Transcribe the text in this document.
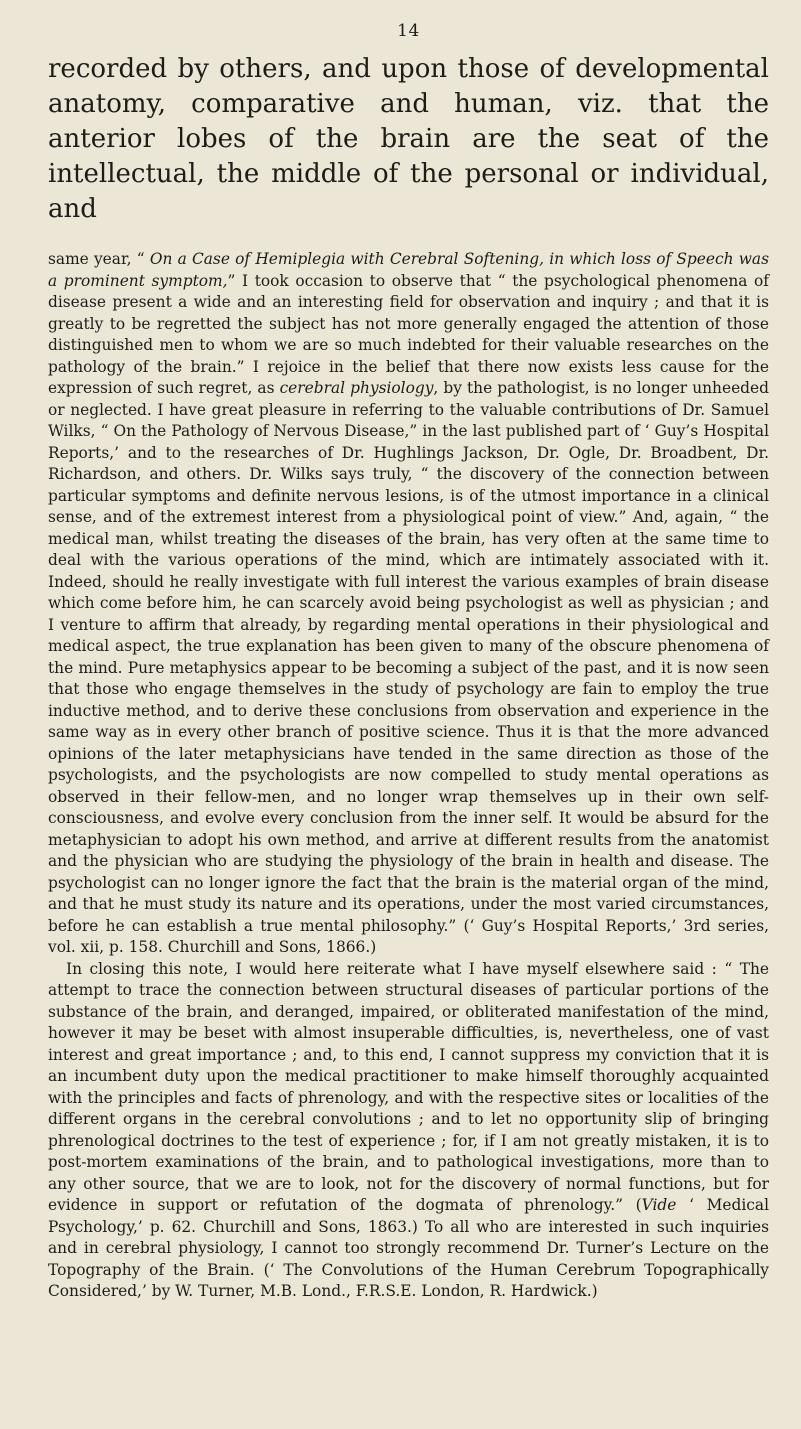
14

recorded by others, and upon those of developmental anatomy, comparative and human, viz. that the anterior lobes of the brain are the seat of the intellectual, the middle of the personal or individual, and

same year, “ On a Case of Hemiplegia with Cerebral Softening, in which loss of Speech was a prominent symptom,” I took occasion to observe that “ the psychological phenomena of disease present a wide and an interesting field for observation and inquiry ; and that it is greatly to be regretted the subject has not more generally engaged the attention of those distinguished men to whom we are so much indebted for their valuable researches on the pathology of the brain.” I rejoice in the belief that there now exists less cause for the expression of such regret, as cerebral physiology, by the pathologist, is no longer unheeded or neglected. I have great pleasure in referring to the valuable contributions of Dr. Samuel Wilks, “ On the Pathology of Nervous Disease,” in the last published part of ‘ Guy’s Hospital Reports,’ and to the researches of Dr. Hughlings Jackson, Dr. Ogle, Dr. Broadbent, Dr. Richardson, and others. Dr. Wilks says truly, “ the discovery of the connection between particular symptoms and definite nervous lesions, is of the utmost importance in a clinical sense, and of the extremest interest from a physiological point of view.” And, again, “ the medical man, whilst treating the diseases of the brain, has very often at the same time to deal with the various operations of the mind, which are intimately associated with it. Indeed, should he really investigate with full interest the various examples of brain disease which come before him, he can scarcely avoid being psychologist as well as physician ; and I venture to affirm that already, by regarding mental operations in their physiological and medical aspect, the true explanation has been given to many of the obscure phenomena of the mind. Pure metaphysics appear to be becoming a subject of the past, and it is now seen that those who engage themselves in the study of psychology are fain to employ the true inductive method, and to derive these conclusions from observation and experience in the same way as in every other branch of positive science. Thus it is that the more advanced opinions of the later metaphysicians have tended in the same direction as those of the psychologists, and the psychologists are now compelled to study mental operations as observed in their fellow-men, and no longer wrap themselves up in their own self-consciousness, and evolve every conclusion from the inner self. It would be absurd for the metaphysician to adopt his own method, and arrive at different results from the anatomist and the physician who are studying the physiology of the brain in health and disease. The psychologist can no longer ignore the fact that the brain is the material organ of the mind, and that he must study its nature and its operations, under the most varied circumstances, before he can establish a true mental philosophy.” (‘ Guy’s Hospital Reports,’ 3rd series, vol. xii, p. 158. Churchill and Sons, 1866.)

In closing this note, I would here reiterate what I have myself elsewhere said : “ The attempt to trace the connection between structural diseases of particular portions of the substance of the brain, and deranged, impaired, or obliterated manifestation of the mind, however it may be beset with almost insuperable difficulties, is, nevertheless, one of vast interest and great importance ; and, to this end, I cannot suppress my conviction that it is an incumbent duty upon the medical practitioner to make himself thoroughly acquainted with the principles and facts of phrenology, and with the respective sites or localities of the different organs in the cerebral convolutions ; and to let no opportunity slip of bringing phrenological doctrines to the test of experience ; for, if I am not greatly mistaken, it is to post-mortem examinations of the brain, and to pathological investigations, more than to any other source, that we are to look, not for the discovery of normal functions, but for evidence in support or refutation of the dogmata of phrenology.” (Vide ‘ Medical Psychology,’ p. 62. Churchill and Sons, 1863.) To all who are interested in such inquiries and in cerebral physiology, I cannot too strongly recommend Dr. Turner’s Lecture on the Topography of the Brain. (‘ The Convolutions of the Human Cerebrum Topographically Considered,’ by W. Turner, M.B. Lond., F.R.S.E. London, R. Hardwick.)
